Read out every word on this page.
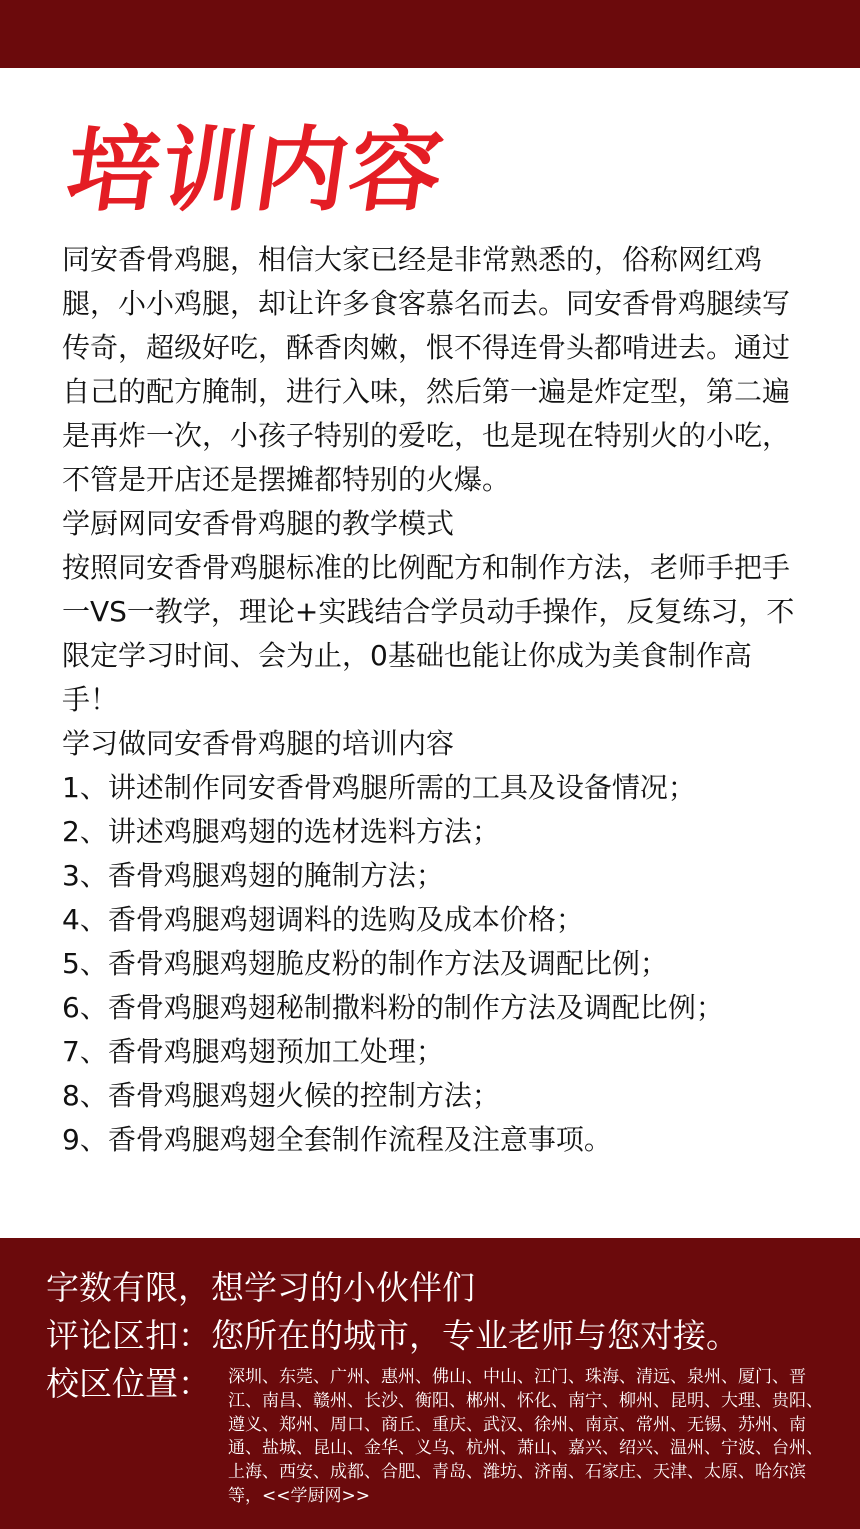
培训内容

同安香骨鸡腿，相信大家已经是非常熟悉的，俗称网红鸡腿，小小鸡腿，却让许多食客慕名而去。同安香骨鸡腿续写传奇，超级好吃，酥香肉嫩，恨不得连骨头都啃进去。通过自己的配方腌制，进行入味，然后第一遍是炸定型，第二遍是再炸一次，小孩子特别的爱吃，也是现在特别火的小吃，不管是开店还是摆摊都特别的火爆。

学厨网同安香骨鸡腿的教学模式

按照同安香骨鸡腿标准的比例配方和制作方法，老师手把手一VS一教学，理论+实践结合学员动手操作，反复练习，不限定学习时间、会为止，0基础也能让你成为美食制作高手！

学习做同安香骨鸡腿的培训内容

1、讲述制作同安香骨鸡腿所需的工具及设备情况；

2、讲述鸡腿鸡翅的选材选料方法；

3、香骨鸡腿鸡翅的腌制方法；

4、香骨鸡腿鸡翅调料的选购及成本价格；

5、香骨鸡腿鸡翅脆皮粉的制作方法及调配比例；

6、香骨鸡腿鸡翅秘制撒料粉的制作方法及调配比例；

7、香骨鸡腿鸡翅预加工处理；

8、香骨鸡腿鸡翅火候的控制方法；

9、香骨鸡腿鸡翅全套制作流程及注意事项。

字数有限，想学习的小伙伴们

评论区扣：您所在的城市，专业老师与您对接。

校区位置： 深圳、东莞、广州、惠州、佛山、中山、江门、珠海、清远、泉州、厦门、晋江、南昌、赣州、长沙、衡阳、郴州、怀化、南宁、柳州、昆明、大理、贵阳、遵义、郑州、周口、商丘、重庆、武汉、徐州、南京、常州、无锡、苏州、南通、盐城、昆山、金华、义乌、杭州、萧山、嘉兴、绍兴、温州、宁波、台州、上海、西安、成都、合肥、青岛、潍坊、济南、石家庄、天津、太原、哈尔滨等，<<学厨网>>
